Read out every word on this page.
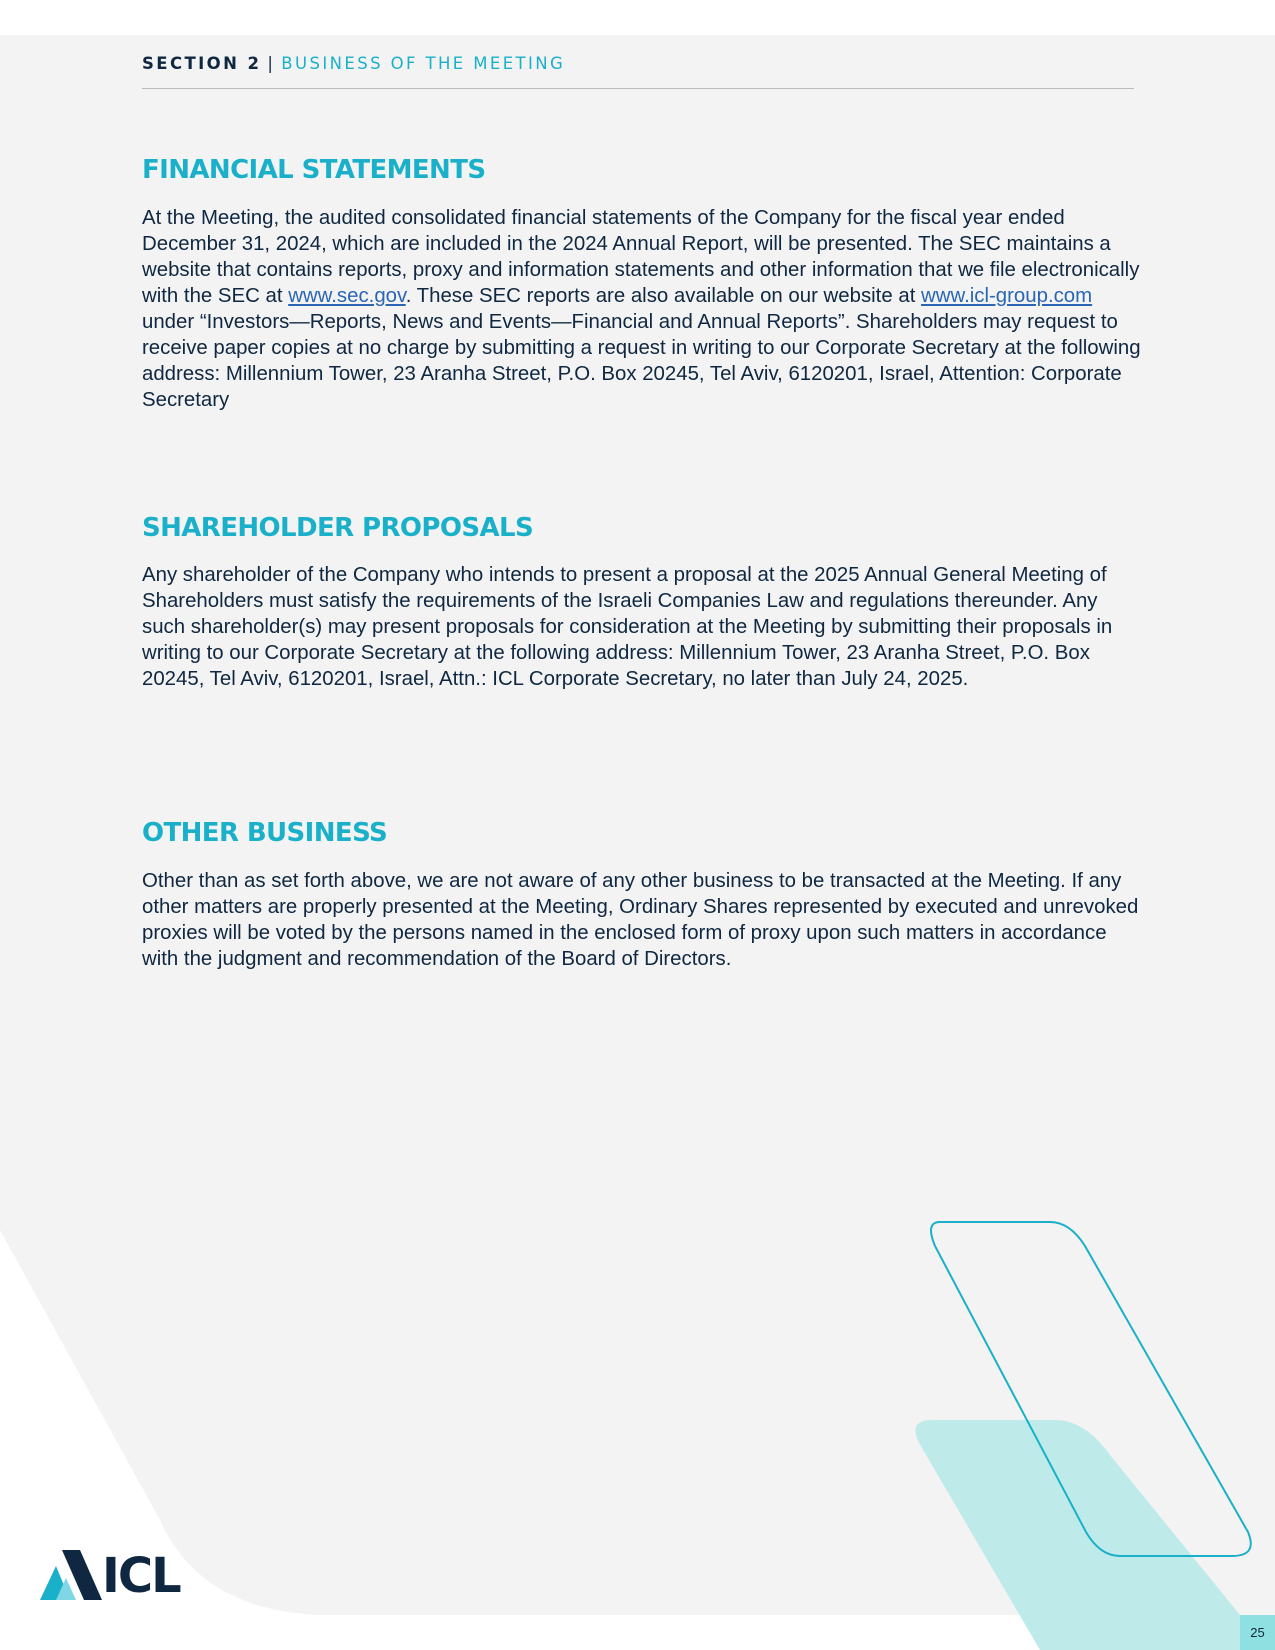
SECTION 2 | BUSINESS OF THE MEETING
FINANCIAL STATEMENTS

At the Meeting, the audited consolidated financial statements of the Company for the fiscal year ended December 31, 2024, which are included in the 2024 Annual Report, will be presented. The SEC maintains a website that contains reports, proxy and information statements and other information that we file electronically with the SEC at www.sec.gov. These SEC reports are also available on our website at www.icl-group.com under “Investors—Reports, News and Events—Financial and Annual Reports”. Shareholders may request to receive paper copies at no charge by submitting a request in writing to our Corporate Secretary at the following address: Millennium Tower, 23 Aranha Street, P.O. Box 20245, Tel Aviv, 6120201, Israel, Attention: Corporate Secretary

SHAREHOLDER PROPOSALS

Any shareholder of the Company who intends to present a proposal at the 2025 Annual General Meeting of Shareholders must satisfy the requirements of the Israeli Companies Law and regulations thereunder. Any such shareholder(s) may present proposals for consideration at the Meeting by submitting their proposals in writing to our Corporate Secretary at the following address: Millennium Tower, 23 Aranha Street, P.O. Box 20245, Tel Aviv, 6120201, Israel, Attn.: ICL Corporate Secretary, no later than July 24, 2025.

OTHER BUSINESS

Other than as set forth above, we are not aware of any other business to be transacted at the Meeting. If any other matters are properly presented at the Meeting, Ordinary Shares represented by executed and unrevoked proxies will be voted by the persons named in the enclosed form of proxy upon such matters in accordance with the judgment and recommendation of the Board of Directors.

ICL
25
